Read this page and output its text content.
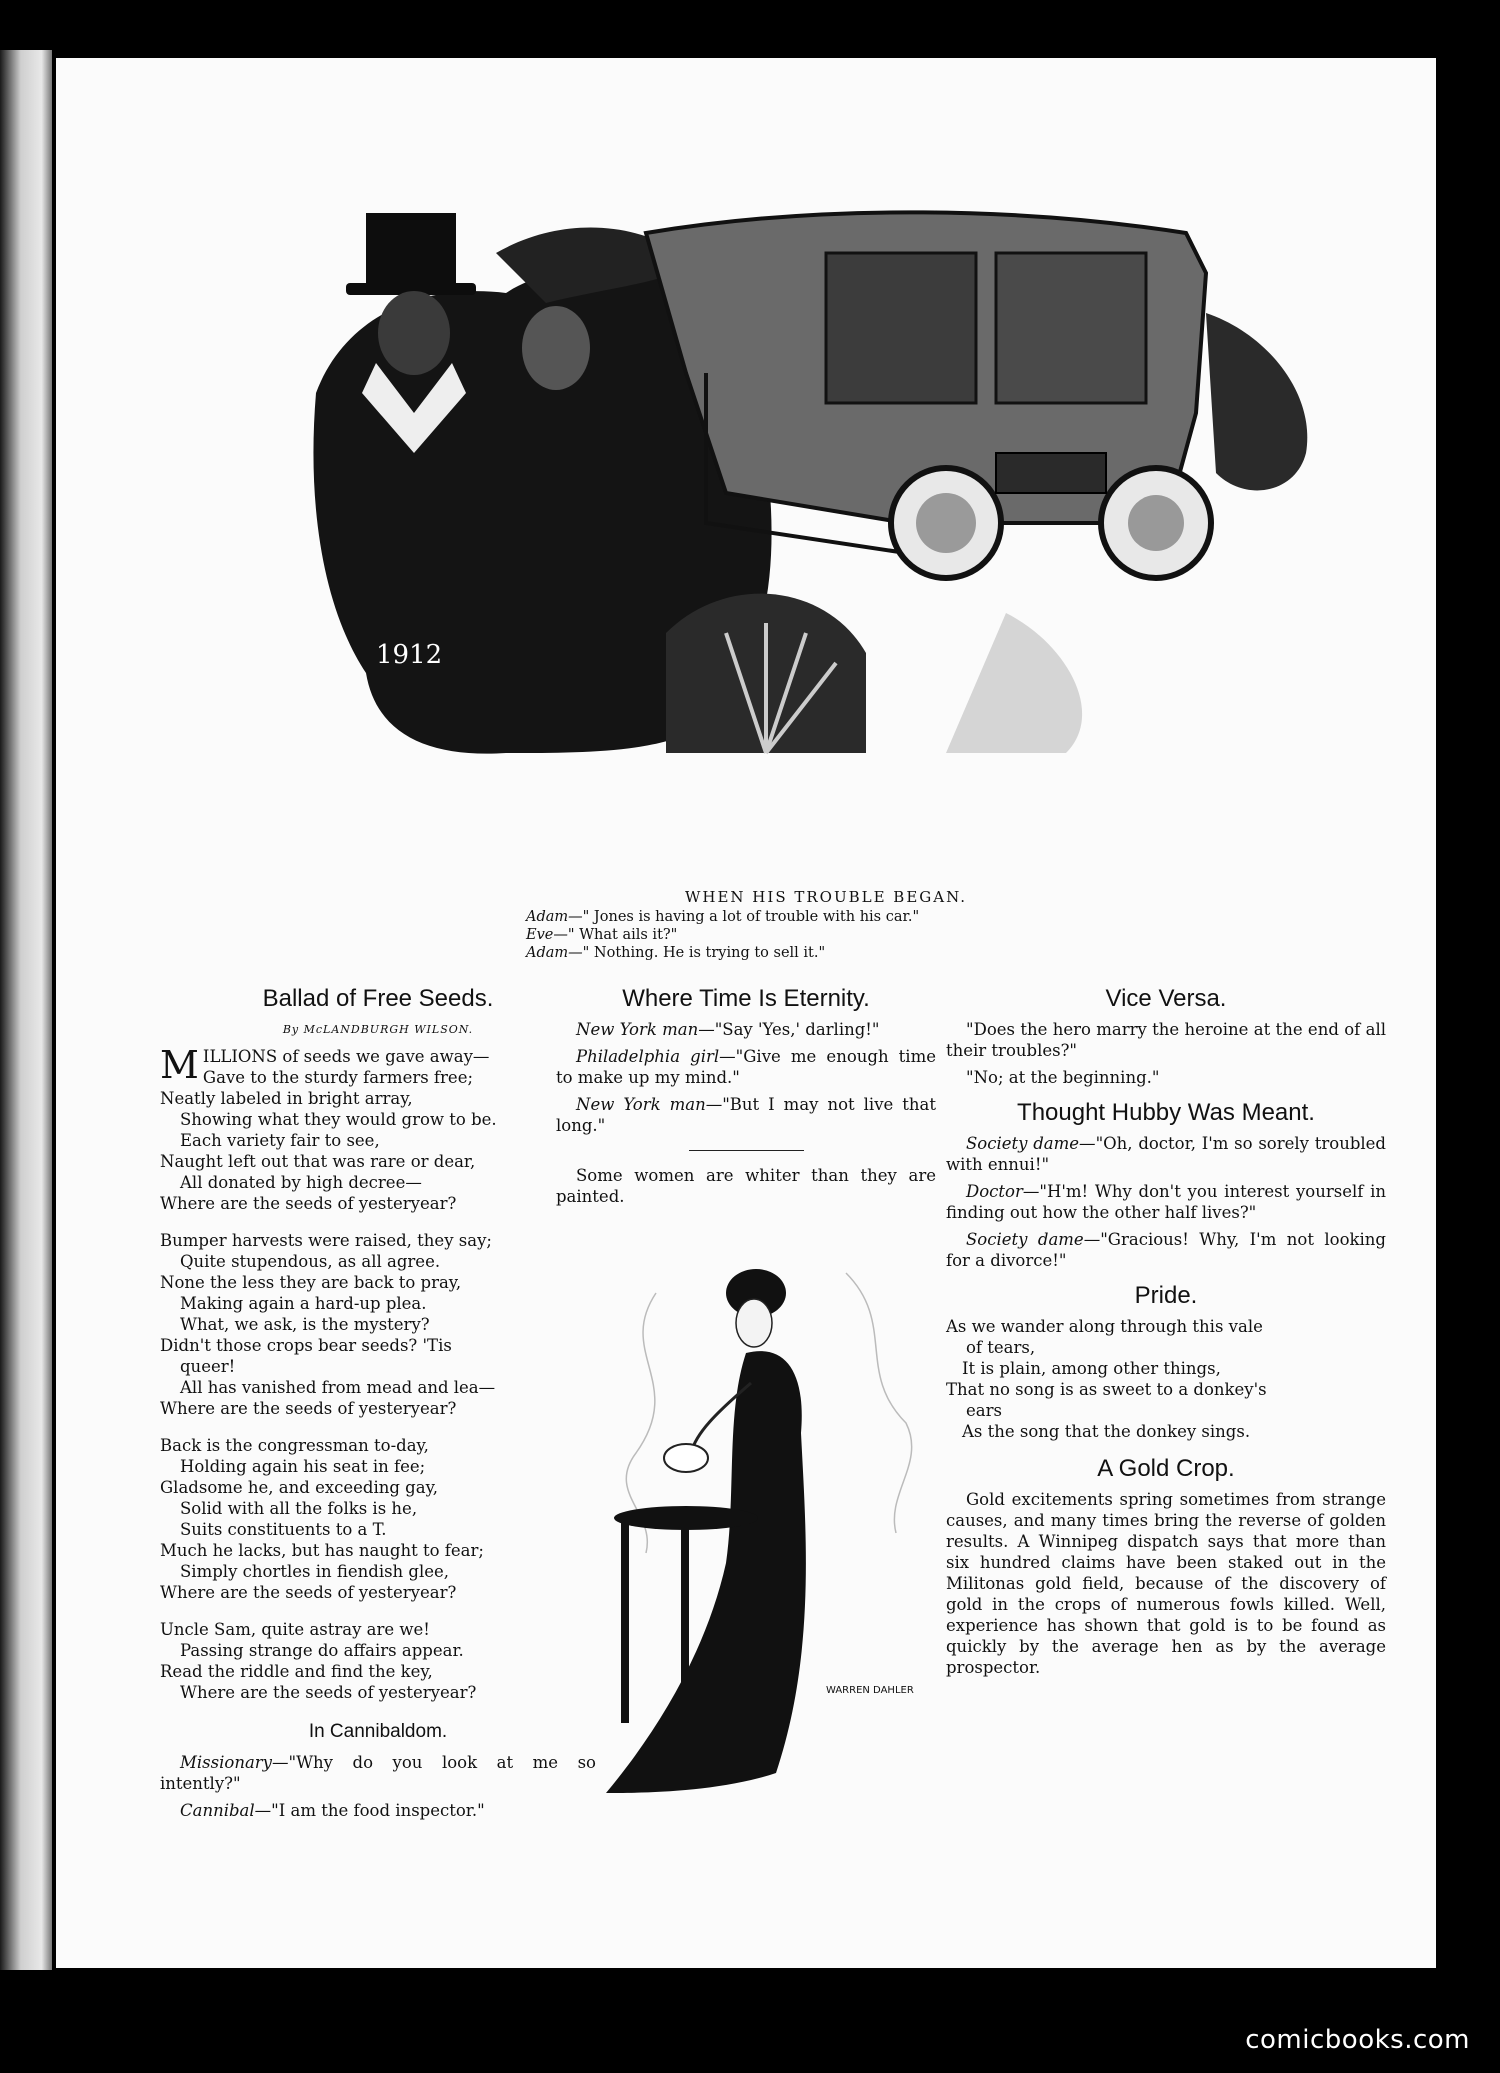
1912
WHEN HIS TROUBLE BEGAN.
Adam—" Jones is having a lot of trouble with his car."
Eve—" What ails it?"
Adam—" Nothing. He is trying to sell it."
Ballad of Free Seeds.
By McLANDBURGH WILSON.
M ILLIONS of seeds we gave away—
Gave to the sturdy farmers free;
Neatly labeled in bright array,
Showing what they would grow to be.
Each variety fair to see,
Naught left out that was rare or dear,
All donated by high decree—
Where are the seeds of yesteryear?
Bumper harvests were raised, they say;
Quite stupendous, as all agree.
None the less they are back to pray,
Making again a hard-up plea.
What, we ask, is the mystery?
Didn't those crops bear seeds? 'Tis
queer!
All has vanished from mead and lea—
Where are the seeds of yesteryear?
Back is the congressman to-day,
Holding again his seat in fee;
Gladsome he, and exceeding gay,
Solid with all the folks is he,
Suits constituents to a T.
Much he lacks, but has naught to fear;
Simply chortles in fiendish glee,
Where are the seeds of yesteryear?
Uncle Sam, quite astray are we!
Passing strange do affairs appear.
Read the riddle and find the key,
Where are the seeds of yesteryear?
In Cannibaldom.

Missionary—"Why do you look at me so intently?"

Cannibal—"I am the food inspector."

Where Time Is Eternity.

New York man—"Say 'Yes,' darling!"

Philadelphia girl—"Give me enough time to make up my mind."

New York man—"But I may not live that long."

Some women are whiter than they are painted.

WARREN DAHLER
Vice Versa.

"Does the hero marry the heroine at the end of all their troubles?"

"No; at the beginning."

Thought Hubby Was Meant.

Society dame—"Oh, doctor, I'm so sorely troubled with ennui!"

Doctor—"H'm! Why don't you interest yourself in finding out how the other half lives?"

Society dame—"Gracious! Why, I'm not looking for a divorce!"

Pride.
As we wander along through this vale
of tears,
It is plain, among other things,
That no song is as sweet to a donkey's
ears
As the song that the donkey sings.
A Gold Crop.

Gold excitements spring sometimes from strange causes, and many times bring the reverse of golden results. A Winnipeg dispatch says that more than six hundred claims have been staked out in the Militonas gold field, because of the discovery of gold in the crops of numerous fowls killed. Well, experience has shown that gold is to be found as quickly by the average hen as by the average prospector.

comicbooks.com
